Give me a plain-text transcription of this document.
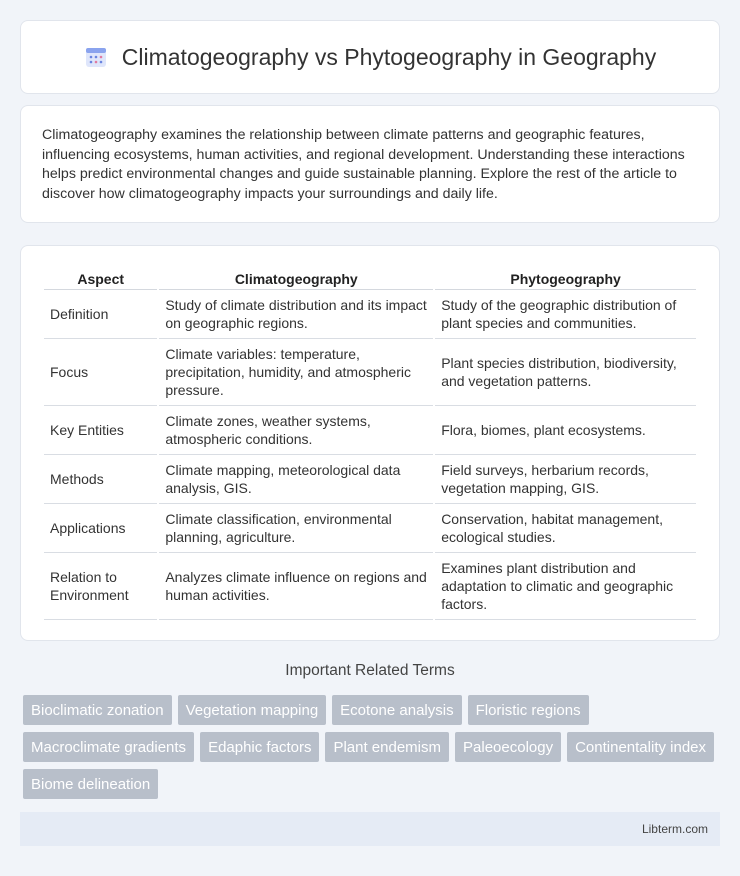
Climatogeography vs Phytogeography in Geography

Climatogeography examines the relationship between climate patterns and geographic features, influencing ecosystems, human activities, and regional development. Understanding these interactions helps predict environmental changes and guide sustainable planning. Explore the rest of the article to discover how climatogeography impacts your surroundings and daily life.

Aspect	Climatogeography	Phytogeography
Definition	Study of climate distribution and its impact on geographic regions.	Study of the geographic distribution of plant species and communities.
Focus	Climate variables: temperature, precipitation, humidity, and atmospheric pressure.	Plant species distribution, biodiversity, and vegetation patterns.
Key Entities	Climate zones, weather systems, atmospheric conditions.	Flora, biomes, plant ecosystems.
Methods	Climate mapping, meteorological data analysis, GIS.	Field surveys, herbarium records, vegetation mapping, GIS.
Applications	Climate classification, environmental planning, agriculture.	Conservation, habitat management, ecological studies.
Relation to Environment	Analyzes climate influence on regions and human activities.	Examines plant distribution and adaptation to climatic and geographic factors.
Important Related Terms
Bioclimatic zonation	Vegetation mapping	Ecotone analysis	Floristic regions
Macroclimate gradients	Edaphic factors	Plant endemism	Paleoecology	Continentality index
Biome delineation
Libterm.com
